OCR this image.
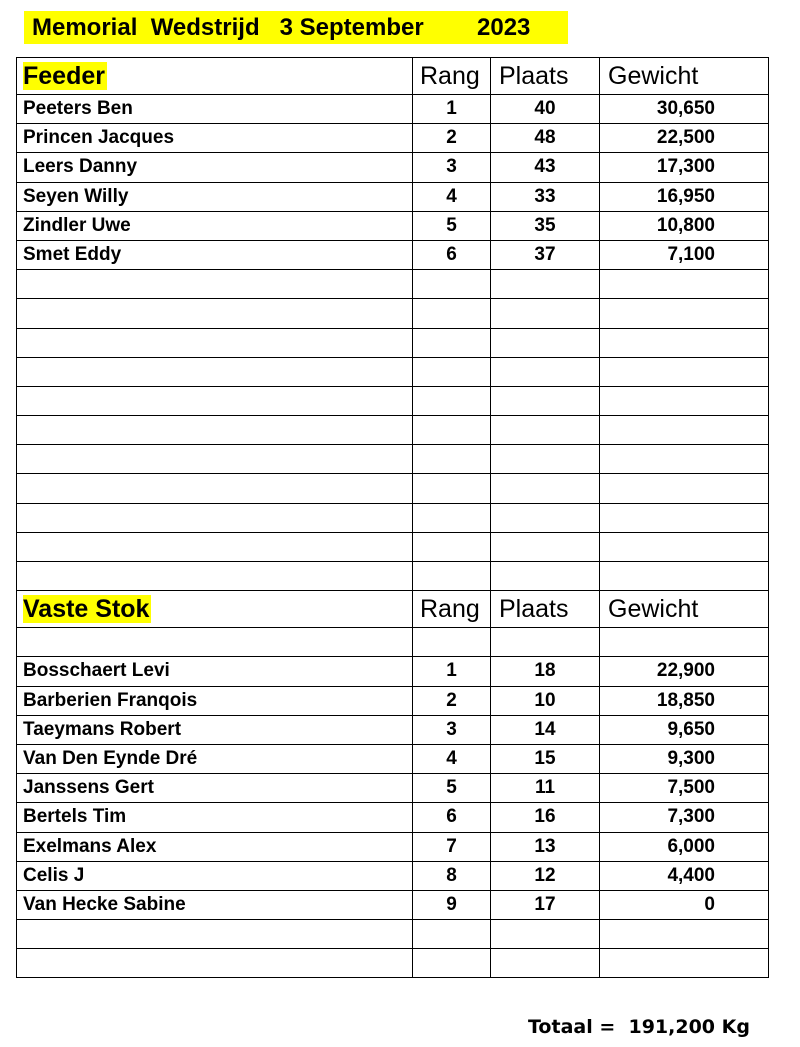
Memorial  Wedstrijd   3 September        2023
Feeder	Rang	Plaats	Gewicht
Peeters Ben	1	40	30,650
Princen Jacques	2	48	22,500
Leers Danny	3	43	17,300
Seyen Willy	4	33	16,950
Zindler Uwe	5	35	10,800
Smet Eddy	6	37	7,100

Vaste Stok	Rang	Plaats	Gewicht

Bosschaert Levi	1	18	22,900
Barberien Franqois	2	10	18,850
Taeymans Robert	3	14	9,650
Van Den Eynde Dré	4	15	9,300
Janssens Gert	5	11	7,500
Bertels Tim	6	16	7,300
Exelmans Alex	7	13	6,000
Celis J	8	12	4,400
Van Hecke Sabine	9	17	0

Totaal =  191,200 Kg
